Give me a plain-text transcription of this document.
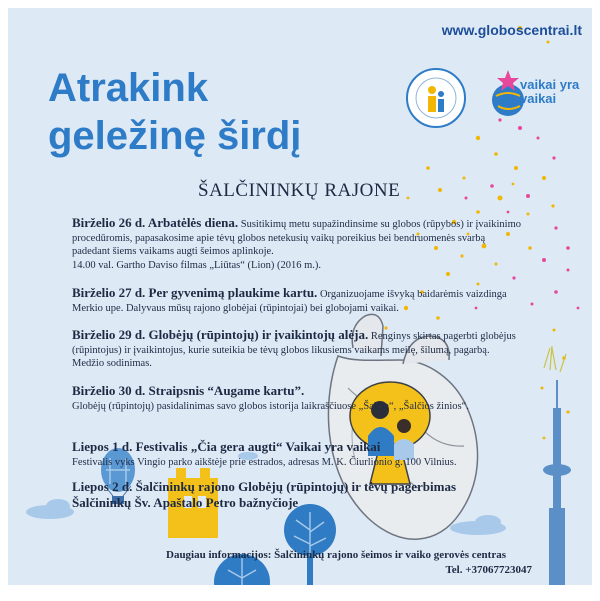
www.globoscentrai.lt
Atrakink
geležinę širdį
vaikai yra vaikai
ŠALČININKŲ RAJONE
Birželio 26 d. Arbatėlės diena. Susitikimų metu supažindinsime su globos (rūpybos) ir įvaikinimo procedūromis, papasakosime apie tėvų globos netekusių vaikų poreikius bei bendruomenės svarbą padedant šiems vaikams augti šeimos aplinkoje.
14.00 val. Gartho Daviso filmas „Liūtas“ (Lion) (2016 m.).
Birželio 27 d. Per gyvenimą plaukime kartu. Organizuojame išvyką baidarėmis vaizdinga Merkio upe. Dalyvaus mūsų rajono globėjai (rūpintojai) bei globojami vaikai.
Birželio 29 d. Globėjų (rūpintojų) ir įvaikintojų alėja. Renginys skirtas pagerbti globėjus (rūpintojus) ir įvaikintojus, kurie suteikia be tėvų globos likusiems vaikams meilę, šilumą, pagarbą. Medžio sodinimas.
Birželio 30 d. Straipsnis “Augame kartu”.
Globėjų (rūpintojų) pasidalinimas savo globos istorija laikraščiuose „Šalčia“, „Šalčios žinios“.
Liepos 1 d. Festivalis „Čia gera augti“ Vaikai yra vaikai
Festivalis vyks Vingio parko aikštėje prie estrados, adresas M. K. Čiurlionio g. 100 Vilnius.
Liepos 2 d. Šalčininkų rajono Globėjų (rūpintojų) ir tėvų pagerbimas Šalčininkų Šv. Apaštalo Petro bažnyčioje
Daugiau informacijos: Šalčininkų rajono šeimos ir vaiko gerovės centras
Tel. +37067723047
